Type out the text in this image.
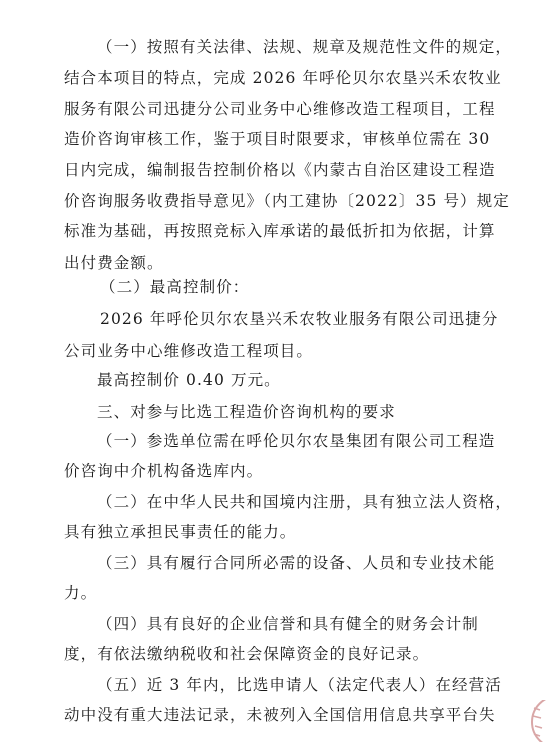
（一）按照有关法律、法规、规章及规范性文件的规定，
结合本项目的特点，完成 2026 年呼伦贝尔农垦兴禾农牧业
服务有限公司迅捷分公司业务中心维修改造工程项目，工程
造价咨询审核工作，鉴于项目时限要求，审核单位需在 30
日内完成，编制报告控制价格以《内蒙古自治区建设工程造
价咨询服务收费指导意见》（内工建协〔2022〕35 号）规定
标准为基础，再按照竞标入库承诺的最低折扣为依据，计算
出付费金额。
（二）最高控制价：
2026 年呼伦贝尔农垦兴禾农牧业服务有限公司迅捷分
公司业务中心维修改造工程项目。
最高控制价 0.40 万元。
三、对参与比选工程造价咨询机构的要求
（一）参选单位需在呼伦贝尔农垦集团有限公司工程造
价咨询中介机构备选库内。
（二）在中华人民共和国境内注册，具有独立法人资格，
具有独立承担民事责任的能力。
（三）具有履行合同所必需的设备、人员和专业技术能
力。
（四）具有良好的企业信誉和具有健全的财务会计制
度，有依法缴纳税收和社会保障资金的良好记录。
（五）近 3 年内，比选申请人（法定代表人）在经营活
动中没有重大违法记录，未被列入全国信用信息共享平台失
